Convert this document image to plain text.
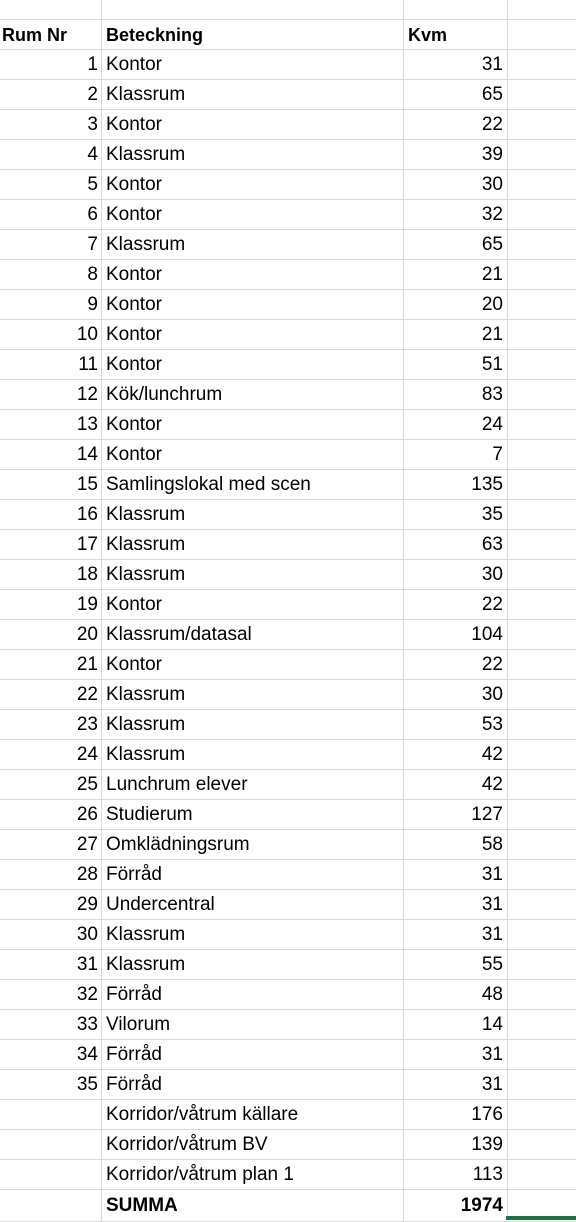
Rum Nr	Beteckning	Kvm
1 Kontor	31
2 Klassrum	65
3 Kontor	22
4 Klassrum	39
5 Kontor	30
6 Kontor	32
7 Klassrum	65
8 Kontor	21
9 Kontor	20
10 Kontor	21
11 Kontor	51
12 Kök/lunchrum	83
13 Kontor	24
14 Kontor	7
15 Samlingslokal med scen	135
16 Klassrum	35
17 Klassrum	63
18 Klassrum	30
19 Kontor	22
20 Klassrum/datasal	104
21 Kontor	22
22 Klassrum	30
23 Klassrum	53
24 Klassrum	42
25 Lunchrum elever	42
26 Studierum	127
27 Omklädningsrum	58
28 Förråd	31
29 Undercentral	31
30 Klassrum	31
31 Klassrum	55
32 Förråd	48
33 Vilorum	14
34 Förråd	31
35 Förråd	31
Korridor/våtrum källare	176
Korridor/våtrum BV	139
Korridor/våtrum plan 1	113
SUMMA	1974
